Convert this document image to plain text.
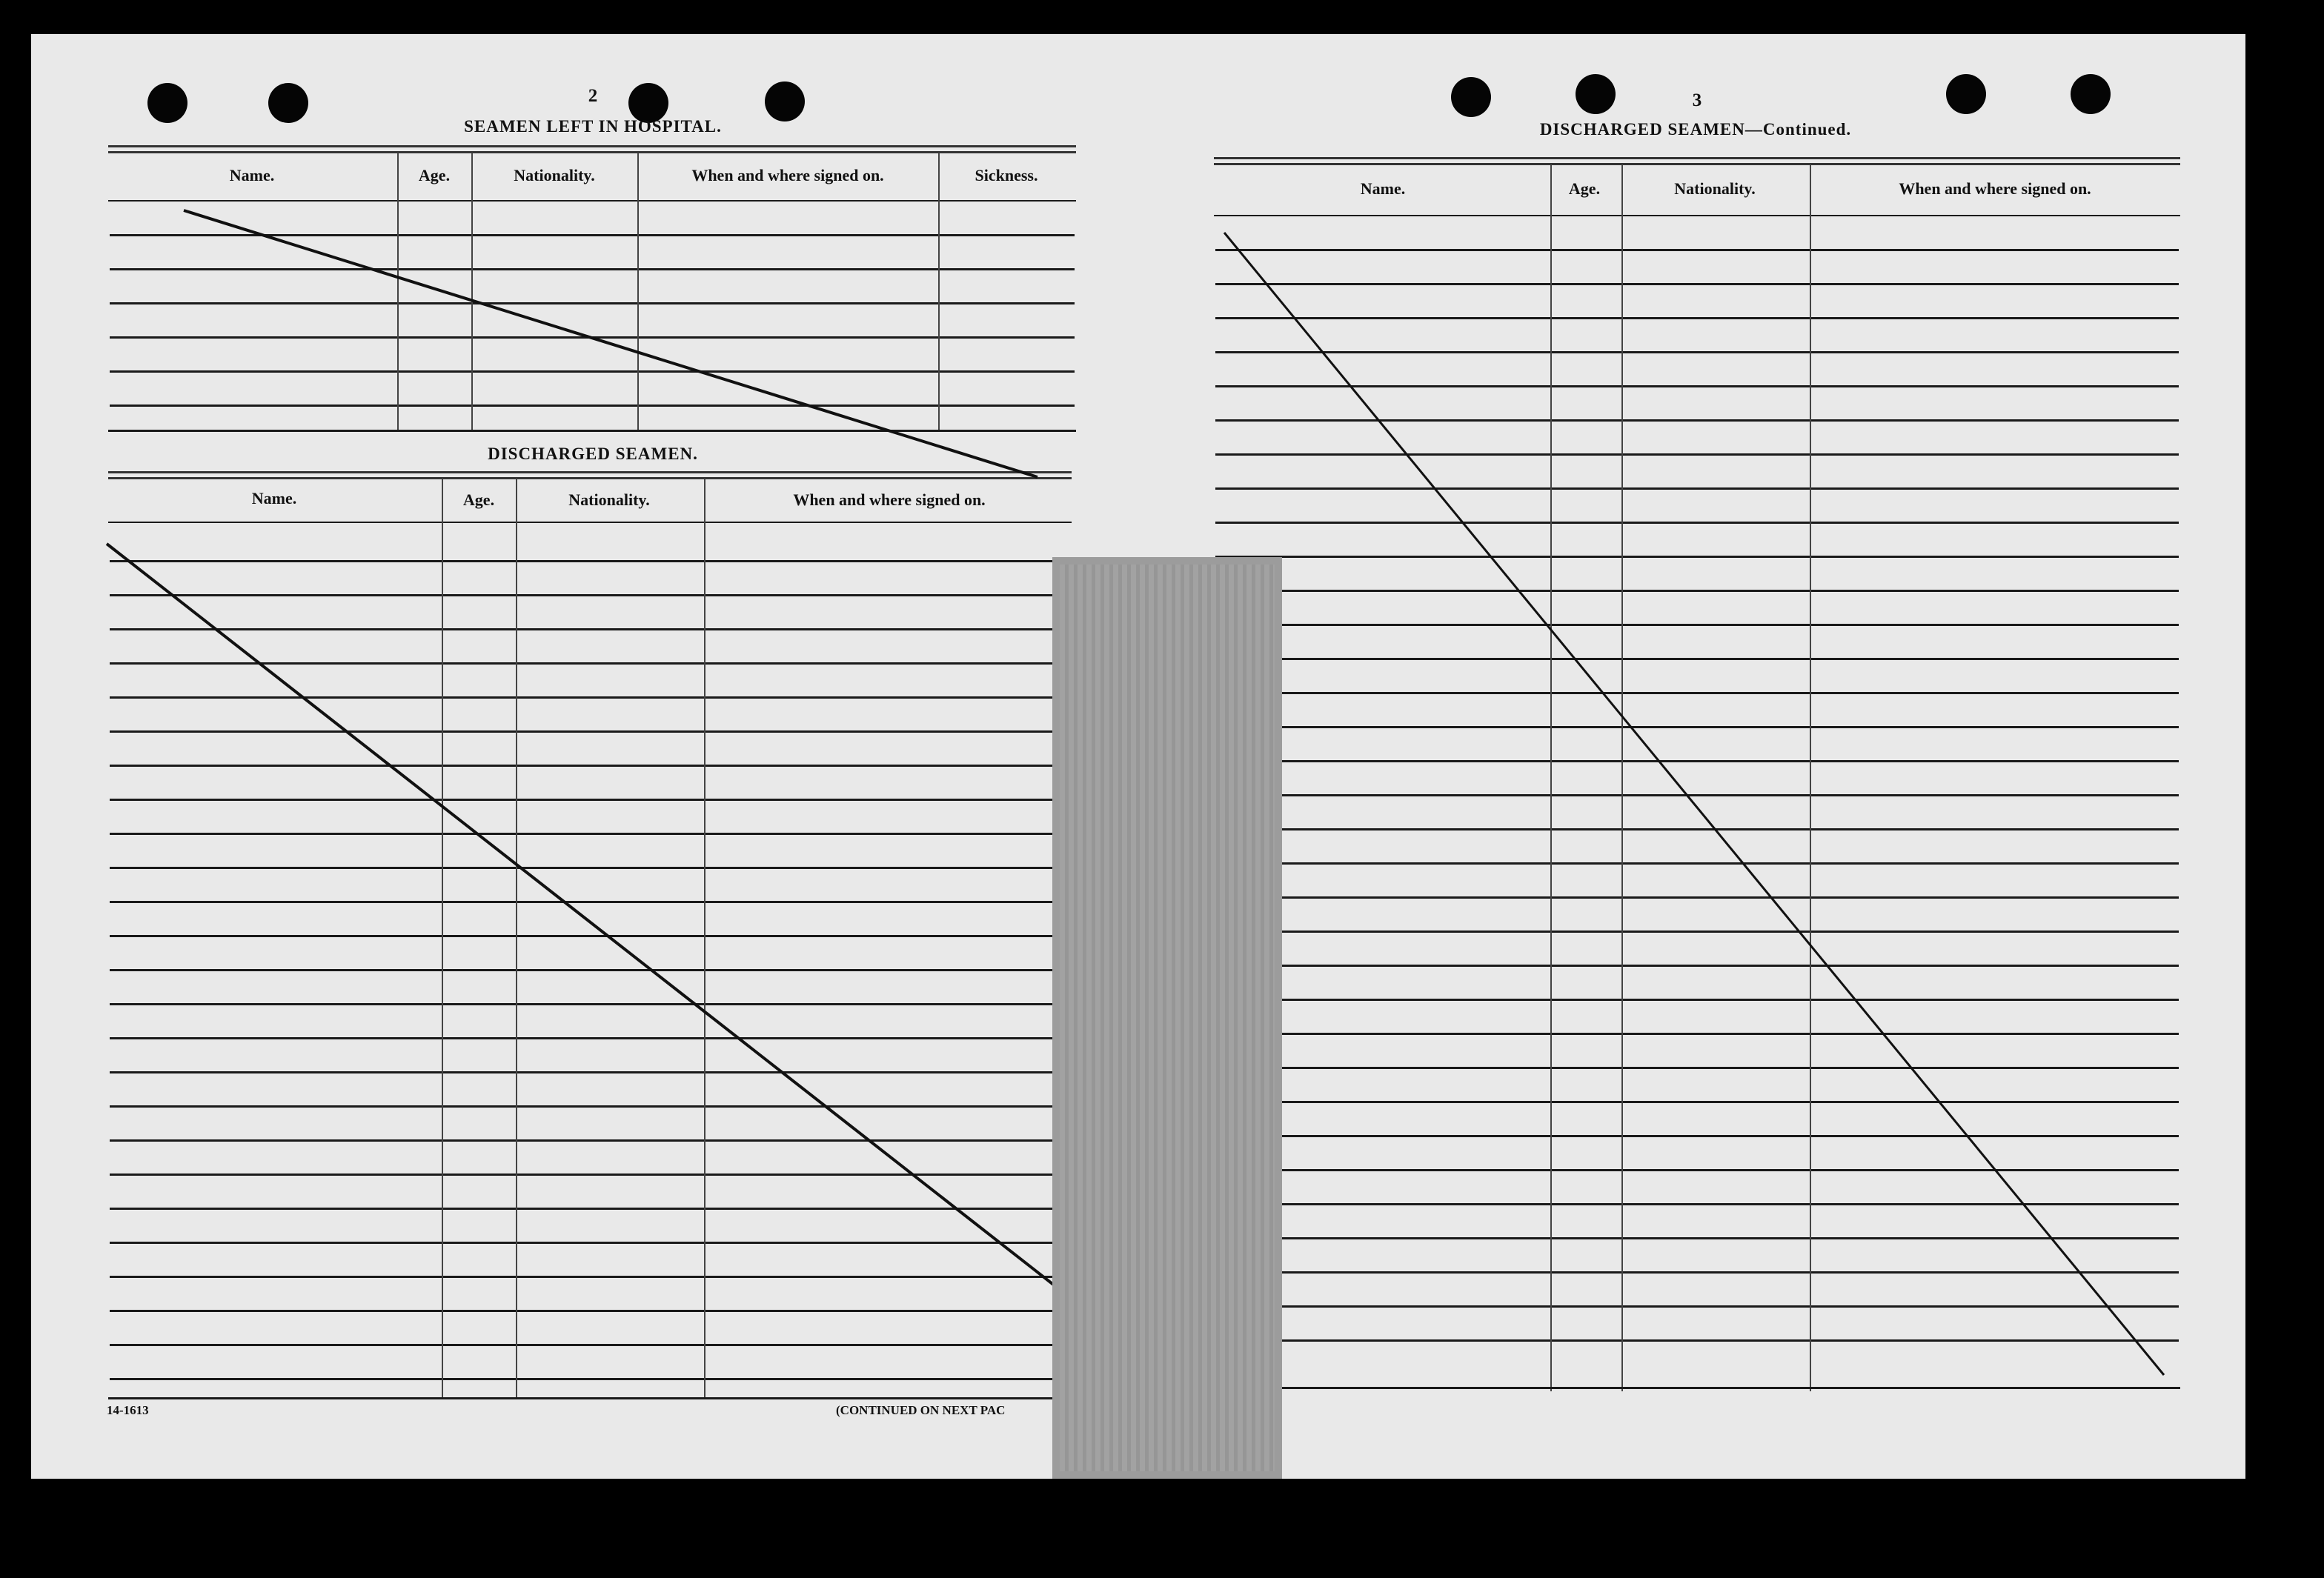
2
SEAMEN LEFT IN HOSPITAL.
Name.	Age.	Nationality.	When and where signed on.	Sickness.
DISCHARGED SEAMEN.
Name.	Age.	Nationality.	When and where signed on.
14-1613	(CONTINUED ON NEXT PAC
3
DISCHARGED SEAMEN—Continued.
Name.	Age.	Nationality.	When and where signed on.
